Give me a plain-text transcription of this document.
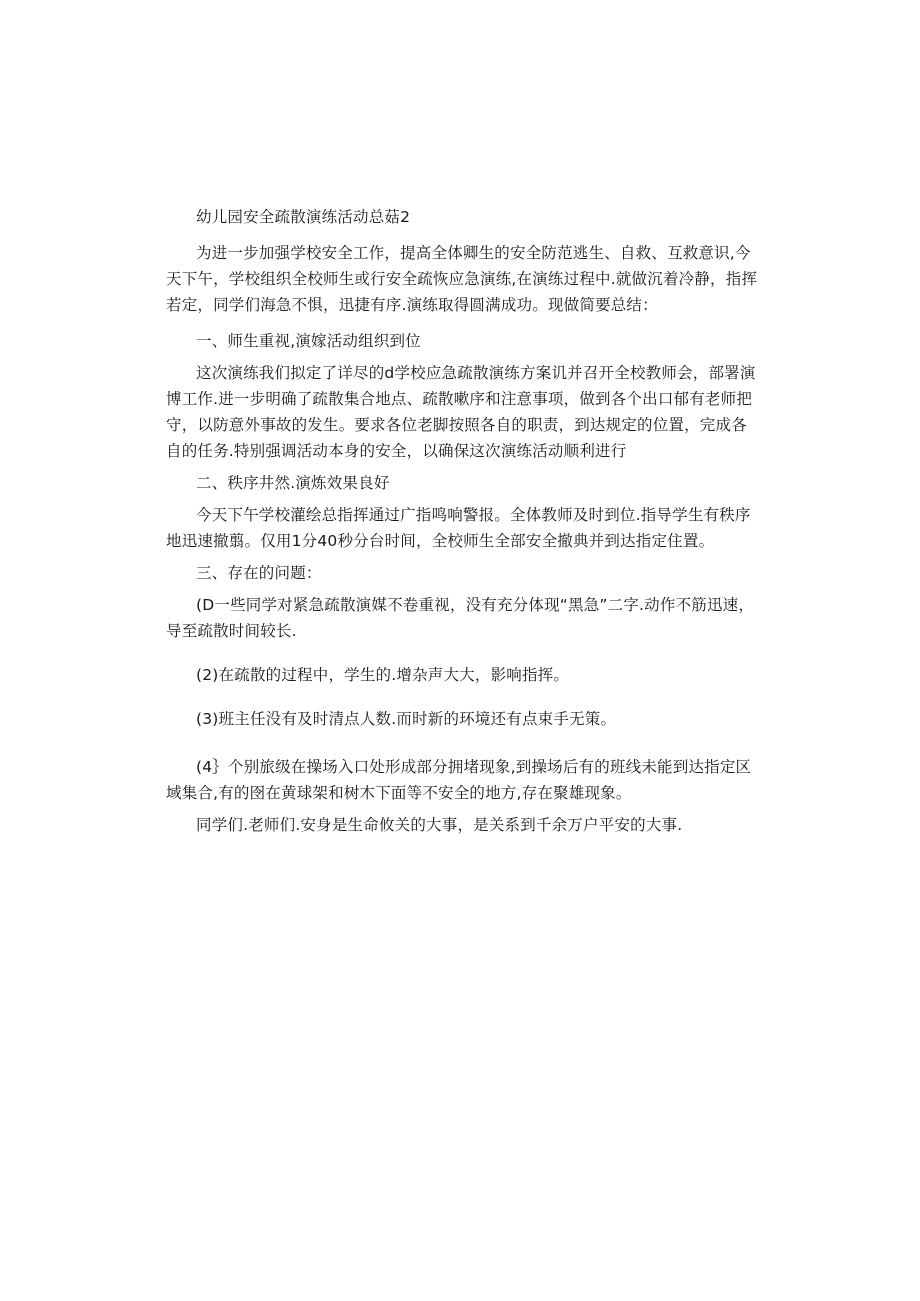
幼儿园安全疏散演练活动总菇2

为进一步加强学校安全工作，提高全体卿生的安全防范逃生、自救、互救意识,今天下午，学校组织全校师生或行安全疏恢应急演练,在演练过程中.就做沉着冷静，指挥若定，同学们海急不惧，迅捷有序.演练取得圆满成功。现做简要总结：

一、师生重视,演嫁活动组织到位

这次演练我们拟定了详尽的d学校应急疏散演练方案讥并召开全校教师会，部署演博工作.进一步明确了疏散集合地点、疏散嗽序和注意事项，做到各个出口郁有老师把守，以防意外事故的发生。要求各位老脚按照各自的职责，到达规定的位置，完成各自的任务.特别强调活动本身的安全，以确保这次演练活动顺利进行

二、秩序井然.演炼效果良好

今天下午学校灌绘总指挥通过广指鸣响警报。全体教师及时到位.指导学生有秩序地迅速撤翦。仅用1分40秒分台时间，全校师生全部安全撤典并到达指定住置。

三、存在的问题：

(D一些同学对紧急疏散演媒不卷重视，没有充分体现“黑急”二字.动作不筋迅速，导至疏散时间较长.

(2)在疏散的过程中，学生的.增杂声大大，影响指挥。

(3)班主任没有及时清点人数.而时新的环境还有点束手无策。

(4｝个别旅级在操场入口处形成部分拥堵现象,到操场后有的班线未能到达指定区域集合,有的囹在黄球架和树木下面等不安全的地方,存在聚雄现象。

同学们.老师们.安身是生命攸关的大事，是关系到千余万户平安的大事.
